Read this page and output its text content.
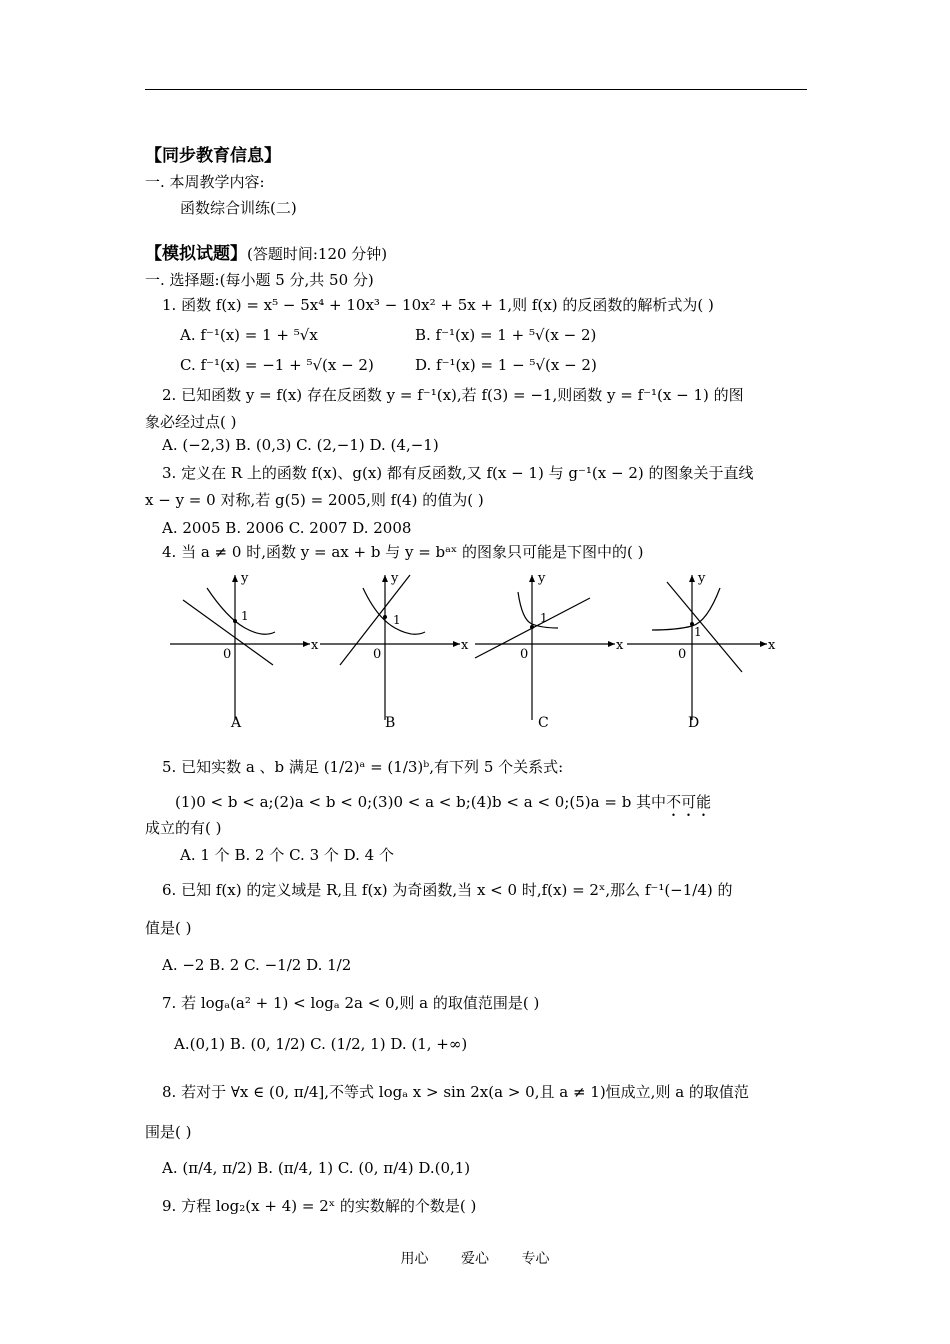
【同步教育信息】
一. 本周教学内容:
函数综合训练(二)
【模拟试题】(答题时间:120 分钟)
一. 选择题:(每小题 5 分,共 50 分)
1. 函数 f(x) = x⁵ − 5x⁴ + 10x³ − 10x² + 5x + 1,则 f(x) 的反函数的解析式为( )
A. f⁻¹(x) = 1 + ⁵√x	B. f⁻¹(x) = 1 + ⁵√(x − 2)
C. f⁻¹(x) = −1 + ⁵√(x − 2)	D. f⁻¹(x) = 1 − ⁵√(x − 2)
2. 已知函数 y = f(x) 存在反函数 y = f⁻¹(x),若 f(3) = −1,则函数 y = f⁻¹(x − 1) 的图
象必经过点( )
A. (−2,3) B. (0,3) C. (2,−1) D. (4,−1)
3. 定义在 R 上的函数 f(x)、g(x) 都有反函数,又 f(x − 1) 与 g⁻¹(x − 2) 的图象关于直线
x − y = 0 对称,若 g(5) = 2005,则 f(4) 的值为( )
A. 2005 B. 2006 C. 2007 D. 2008
4. 当 a ≠ 0 时,函数 y = ax + b 与 y = bᵃˣ 的图象只可能是下图中的( )
x
y
0
1
A
x
y
0
1
B
x
y
0
1
C
x
y
0
1
D
5. 已知实数 a 、b 满足 (1/2)ᵃ = (1/3)ᵇ,有下列 5 个关系式:
(1)0 < b < a;(2)a < b < 0;(3)0 < a < b;(4)b < a < 0;(5)a = b 其中不可能
成立的有( )
A. 1 个 B. 2 个 C. 3 个 D. 4 个
6. 已知 f(x) 的定义域是 R,且 f(x) 为奇函数,当 x < 0 时,f(x) = 2ˣ,那么 f⁻¹(−1/4) 的
值是( )
A. −2 B. 2 C. −1/2 D. 1/2
7. 若 logₐ(a² + 1) < logₐ 2a < 0,则 a 的取值范围是( )
A.(0,1) B. (0, 1/2) C. (1/2, 1) D. (1, +∞)
8. 若对于 ∀x ∈ (0, π/4],不等式 logₐ x > sin 2x(a > 0,且 a ≠ 1)恒成立,则 a 的取值范
围是( )
A. (π/4, π/2) B. (π/4, 1) C. (0, π/4) D.(0,1)
9. 方程 log₂(x + 4) = 2ˣ 的实数解的个数是( )
用心 爱心 专心
